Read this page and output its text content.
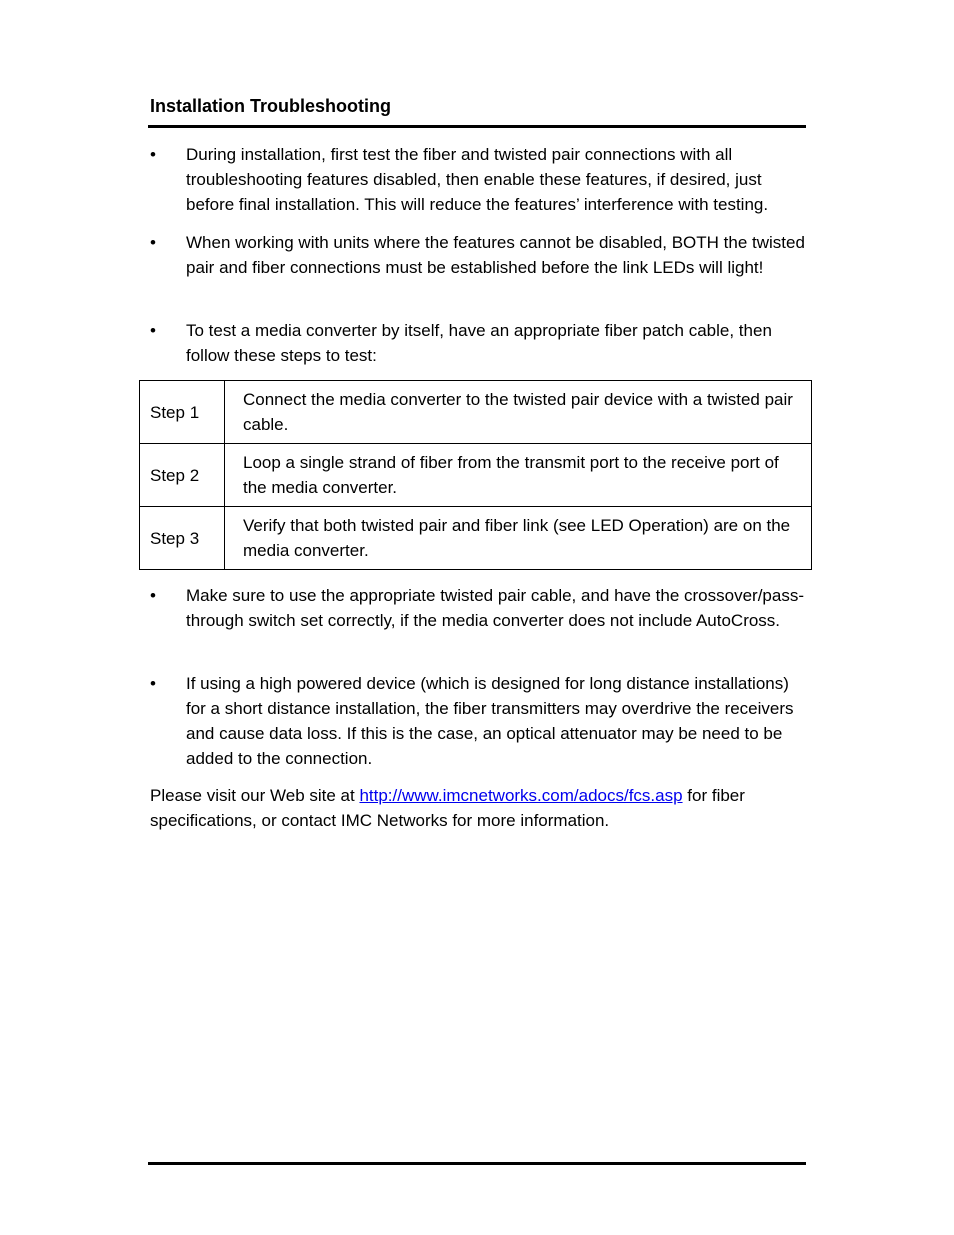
Installation Troubleshooting
• During installation, first test the fiber and twisted pair connections with all troubleshooting features disabled, then enable these features, if desired, just before final installation. This will reduce the features’ interference with testing.
• When working with units where the features cannot be disabled, BOTH the twisted pair and fiber connections must be established before the link LEDs will light!
• To test a media converter by itself, have an appropriate fiber patch cable, then follow these steps to test:
Step 1	Connect the media converter to the twisted pair device with a twisted pair cable.
Step 2	Loop a single strand of fiber from the transmit port to the receive port of the media converter.
Step 3	Verify that both twisted pair and fiber link (see LED Operation) are on the media converter.
• Make sure to use the appropriate twisted pair cable, and have the crossover/pass-through switch set correctly, if the media converter does not include AutoCross.
• If using a high powered device (which is designed for long distance installations) for a short distance installation, the fiber transmitters may overdrive the receivers and cause data loss. If this is the case, an optical attenuator may be need to be added to the connection.
Please visit our Web site at http://www.imcnetworks.com/adocs/fcs.asp for fiber specifications, or contact IMC Networks for more information.
